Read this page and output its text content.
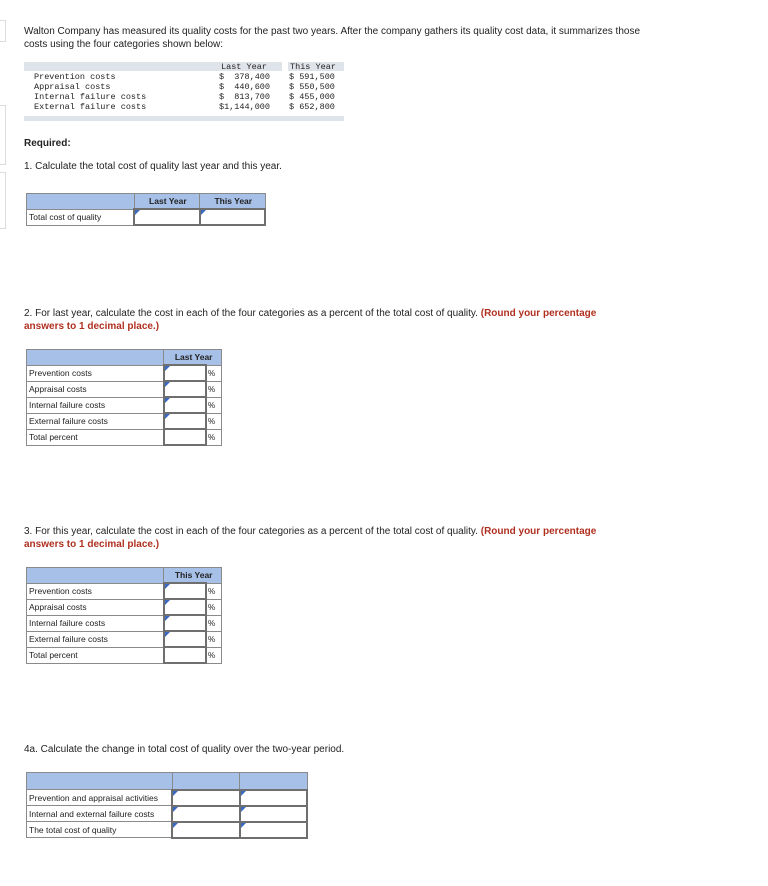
Walton Company has measured its quality costs for the past two years. After the company gathers its quality cost data, it summarizes those costs using the four categories shown below:
Last Year	This Year
Prevention costs	$  378,400 $ 591,500
Appraisal costs	$  440,600 $ 550,500
Internal failure costs	$  813,700 $ 455,000
External failure costs	$1,144,000 $ 652,800
Required:
1. Calculate the total cost of quality last year and this year.
	Last Year	This Year
Total cost of quality		
2. For last year, calculate the cost in each of the four categories as a percent of the total cost of quality. (Round your percentage answers to 1 decimal place.)
	Last Year	
Prevention costs		%
Appraisal costs		%
Internal failure costs		%
External failure costs		%
Total percent		%
3. For this year, calculate the cost in each of the four categories as a percent of the total cost of quality. (Round your percentage answers to 1 decimal place.)
	This Year	
Prevention costs		%
Appraisal costs		%
Internal failure costs		%
External failure costs		%
Total percent		%
4a. Calculate the change in total cost of quality over the two-year period.

Prevention and appraisal activities		
Internal and external failure costs		
The total cost of quality		
